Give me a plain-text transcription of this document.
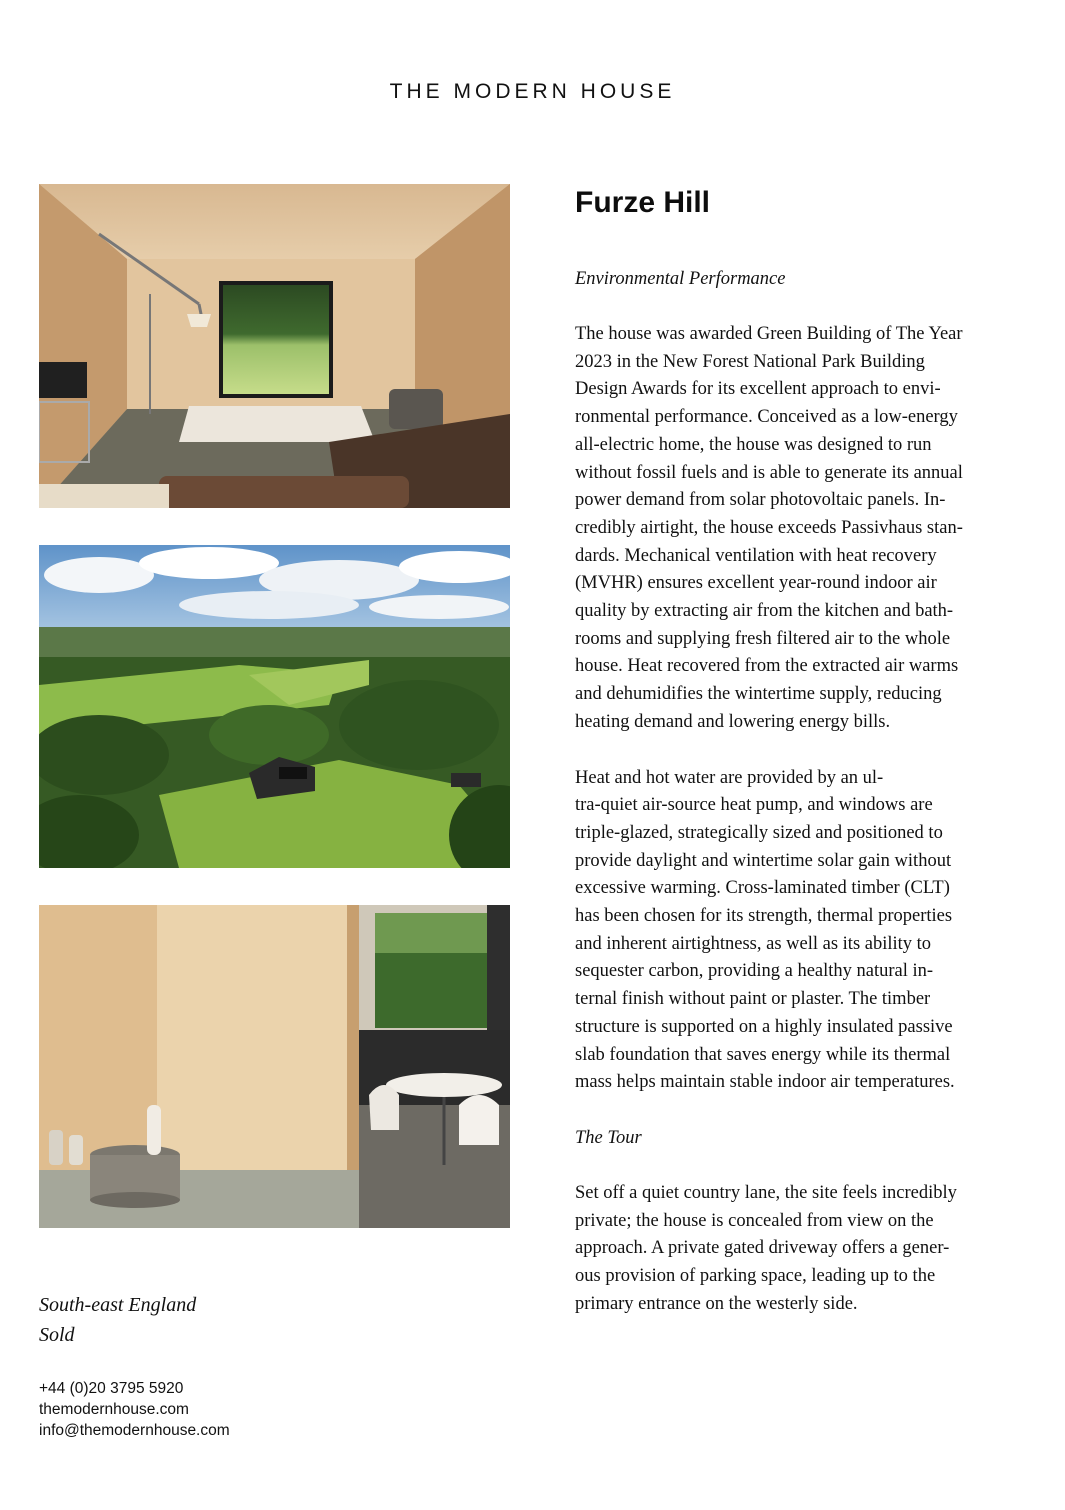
THE MODERN HOUSE
Furze Hill

Environmental Performance

The house was awarded Green Building of The Year
2023 in the New Forest National Park Building
Design Awards for its excellent approach to envi-
ronmental performance. Conceived as a low-energy
all-electric home, the house was designed to run
without fossil fuels and is able to generate its annual
power demand from solar photovoltaic panels. In-
credibly airtight, the house exceeds Passivhaus stan-
dards. Mechanical ventilation with heat recovery
(MVHR) ensures excellent year-round indoor air
quality by extracting air from the kitchen and bath-
rooms and supplying fresh filtered air to the whole
house. Heat recovered from the extracted air warms
and dehumidifies the wintertime supply, reducing
heating demand and lowering energy bills.

Heat and hot water are provided by an ul-
tra-quiet air-source heat pump, and windows are
triple-glazed, strategically sized and positioned to
provide daylight and wintertime solar gain without
excessive warming. Cross-laminated timber (CLT)
has been chosen for its strength, thermal properties
and inherent airtightness, as well as its ability to
sequester carbon, providing a healthy natural in-
ternal finish without paint or plaster. The timber
structure is supported on a highly insulated passive
slab foundation that saves energy while its thermal
mass helps maintain stable indoor air temperatures.

The Tour

Set off a quiet country lane, the site feels incredibly
private; the house is concealed from view on the
approach. A private gated driveway offers a gener-
ous provision of parking space, leading up to the
primary entrance on the westerly side.

South-east England
Sold
+44 (0)20 3795 5920
themodernhouse.com
info@themodernhouse.com
